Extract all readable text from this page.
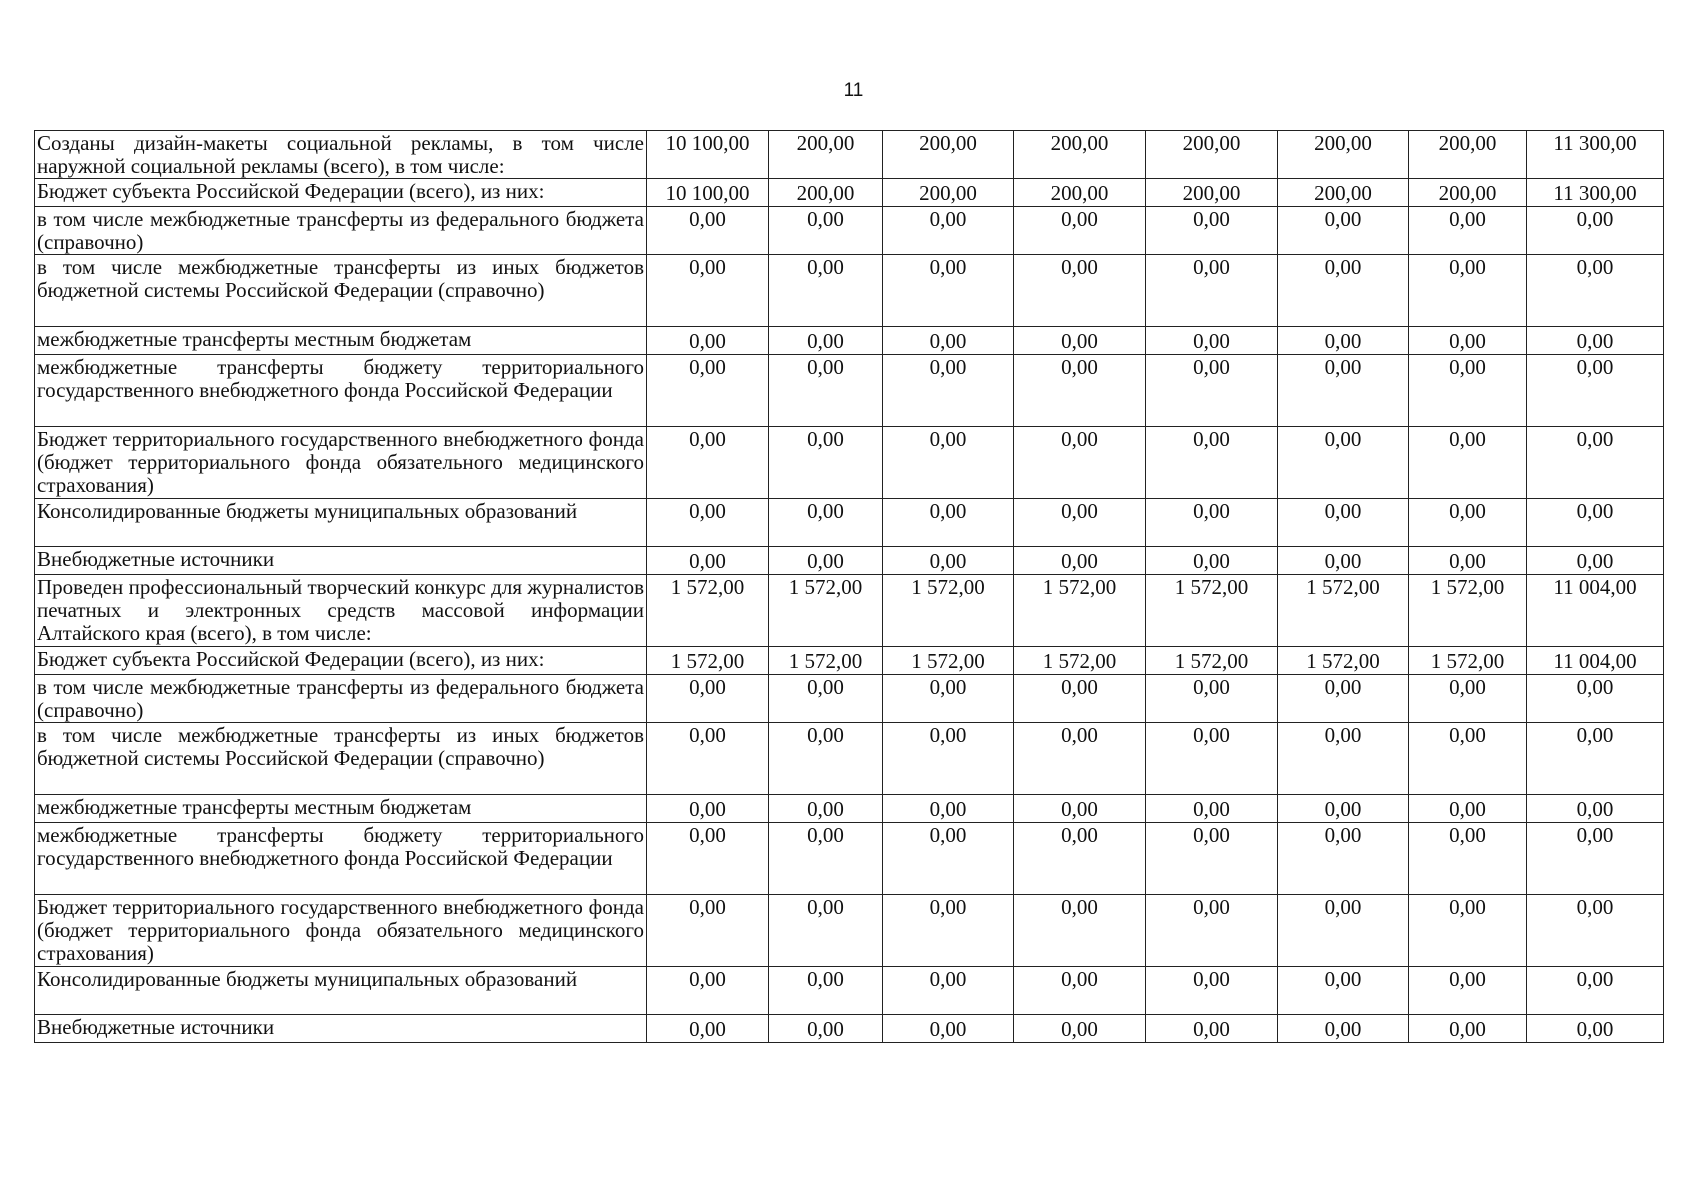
11
Созданы дизайн-макеты социальной рекламы, в том числе наружной социальной рекламы (всего), в том числе:	10 100,00	200,00	200,00	200,00	200,00	200,00	200,00	11 300,00
Бюджет субъекта Российской Федерации (всего), из них:	10 100,00	200,00	200,00	200,00	200,00	200,00	200,00	11 300,00
в том числе межбюджетные трансферты из федерального бюджета (справочно)	0,00	0,00	0,00	0,00	0,00	0,00	0,00	0,00
в том числе межбюджетные трансферты из иных бюджетов бюджетной системы Российской Федерации (справочно)	0,00	0,00	0,00	0,00	0,00	0,00	0,00	0,00
межбюджетные трансферты местным бюджетам	0,00	0,00	0,00	0,00	0,00	0,00	0,00	0,00
межбюджетные трансферты бюджету территориального государственного внебюджетного фонда Российской Федерации	0,00	0,00	0,00	0,00	0,00	0,00	0,00	0,00
Бюджет территориального государственного внебюджетного фонда (бюджет территориального фонда обязательного медицинского страхования)	0,00	0,00	0,00	0,00	0,00	0,00	0,00	0,00
Консолидированные бюджеты муниципальных образований	0,00	0,00	0,00	0,00	0,00	0,00	0,00	0,00
Внебюджетные источники	0,00	0,00	0,00	0,00	0,00	0,00	0,00	0,00
Проведен профессиональный творческий конкурс для журналистов печатных и электронных средств массовой информации Алтайского края (всего), в том числе:	1 572,00	1 572,00	1 572,00	1 572,00	1 572,00	1 572,00	1 572,00	11 004,00
Бюджет субъекта Российской Федерации (всего), из них:	1 572,00	1 572,00	1 572,00	1 572,00	1 572,00	1 572,00	1 572,00	11 004,00
в том числе межбюджетные трансферты из федерального бюджета (справочно)	0,00	0,00	0,00	0,00	0,00	0,00	0,00	0,00
в том числе межбюджетные трансферты из иных бюджетов бюджетной системы Российской Федерации (справочно)	0,00	0,00	0,00	0,00	0,00	0,00	0,00	0,00
межбюджетные трансферты местным бюджетам	0,00	0,00	0,00	0,00	0,00	0,00	0,00	0,00
межбюджетные трансферты бюджету территориального государственного внебюджетного фонда Российской Федерации	0,00	0,00	0,00	0,00	0,00	0,00	0,00	0,00
Бюджет территориального государственного внебюджетного фонда (бюджет территориального фонда обязательного медицинского страхования)	0,00	0,00	0,00	0,00	0,00	0,00	0,00	0,00
Консолидированные бюджеты муниципальных образований	0,00	0,00	0,00	0,00	0,00	0,00	0,00	0,00
Внебюджетные источники	0,00	0,00	0,00	0,00	0,00	0,00	0,00	0,00
